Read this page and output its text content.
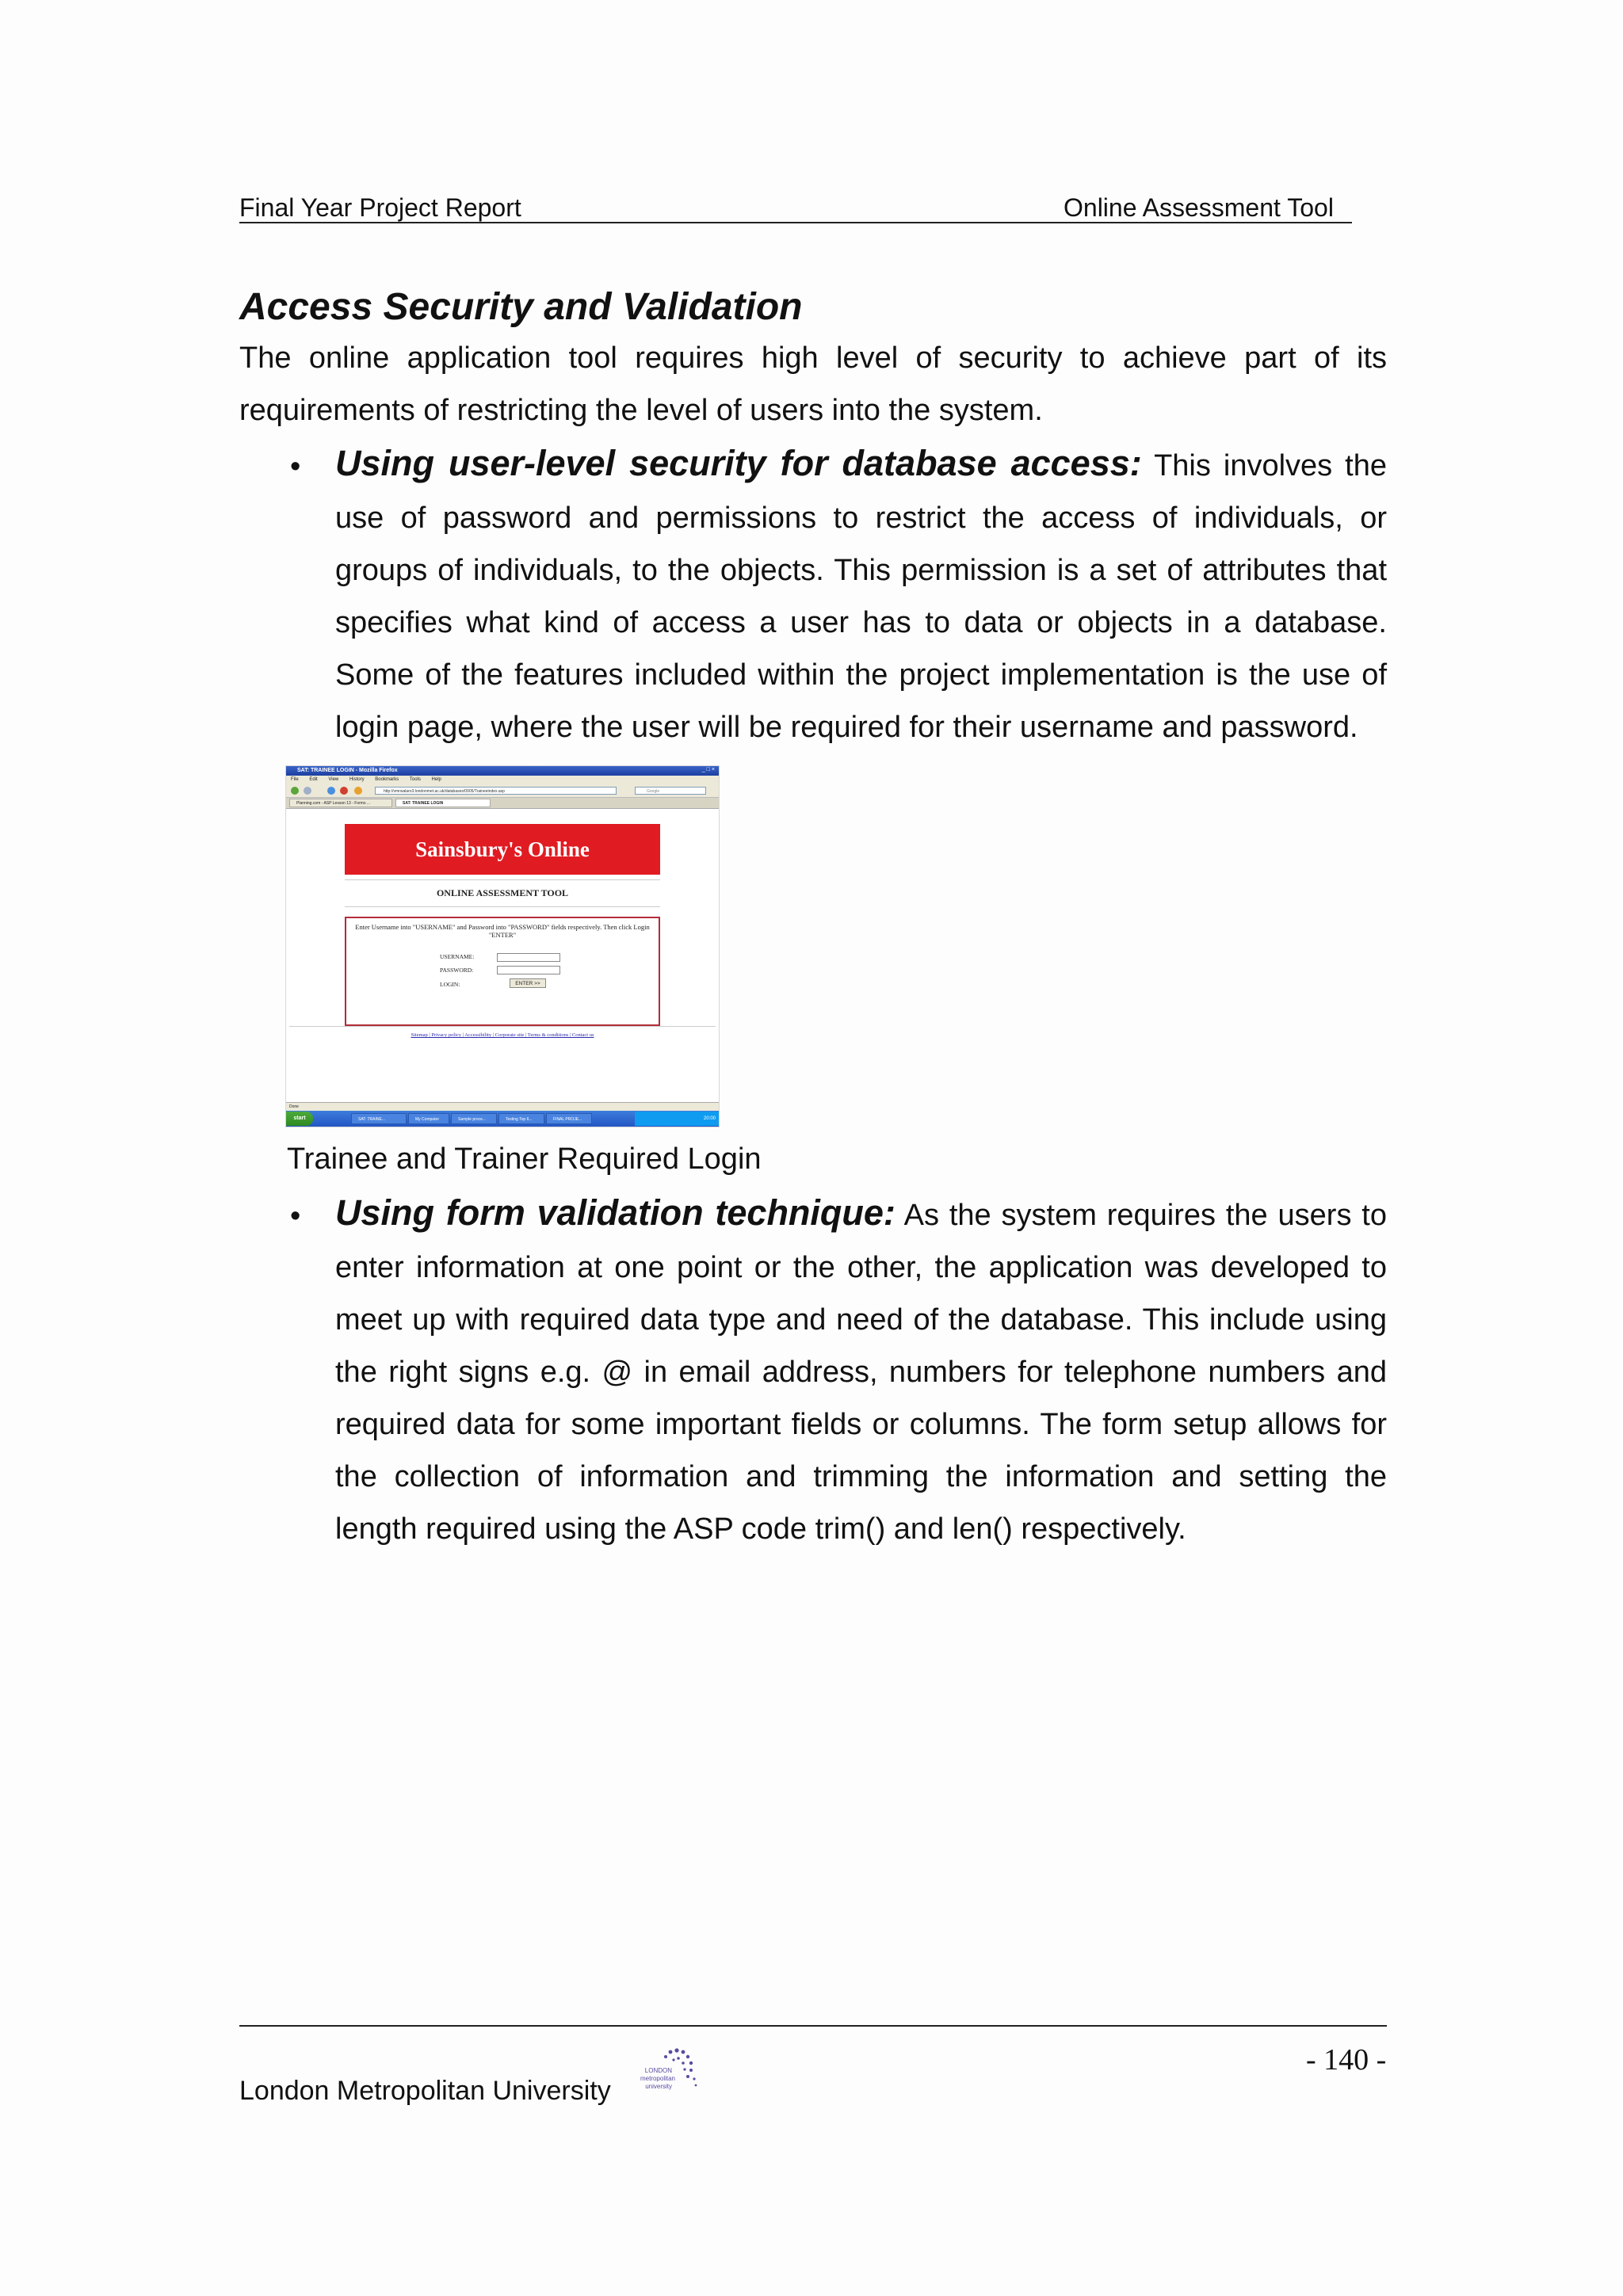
Final Year Project Report	Online Assessment Tool
Access Security and Validation
The online application tool requires high level of security to achieve part of its requirements of restricting the level of users into the system.
• Using user-level security for database access: This involves the use of password and permissions to restrict the access of individuals, or groups of individuals, to the objects. This permission is a set of attributes that specifies what kind of access a user has to data or objects in a database. Some of the features included within the project implementation is the use of login page, where the user will be required for their username and password.
SAT: TRAINEE LOGIN - Mozilla Firefox	_□×
File Edit View History Bookmarks Tools Help
http://vmrwalaro3.londonmet.ac.uk/databases/0905/Traineeindex.asp	Google
Planning.com - ASP Lesson 13 - Forms ...	SAT: TRAINEE LOGIN
Sainsbury's Online
ONLINE ASSESSMENT TOOL
Enter Username into "USERNAME" and Password into "PASSWORD" fields respectively. Then click Login "ENTER"
USERNAME:
PASSWORD:
LOGIN:	ENTER >>
Sitemap | Privacy policy | Accessibility | Corporate site | Terms & conditions | Contact us
Done
start	SAT: TRAINE...	My Computer	Sample proce...	Testing Top 6...	FINAL PROJE...	20:00
Trainee and Trainer Required Login
• Using form validation technique: As the system requires the users to enter information at one point or the other, the application was developed to meet up with required data type and need of the database. This include using the right signs e.g. @ in email address, numbers for telephone numbers and required data for some important fields or columns. The form setup allows for the collection of information and trimming the information and setting the length required using the ASP code trim() and len() respectively.
- 140 -
London Metropolitan University
LONDON
metropolitan
university
